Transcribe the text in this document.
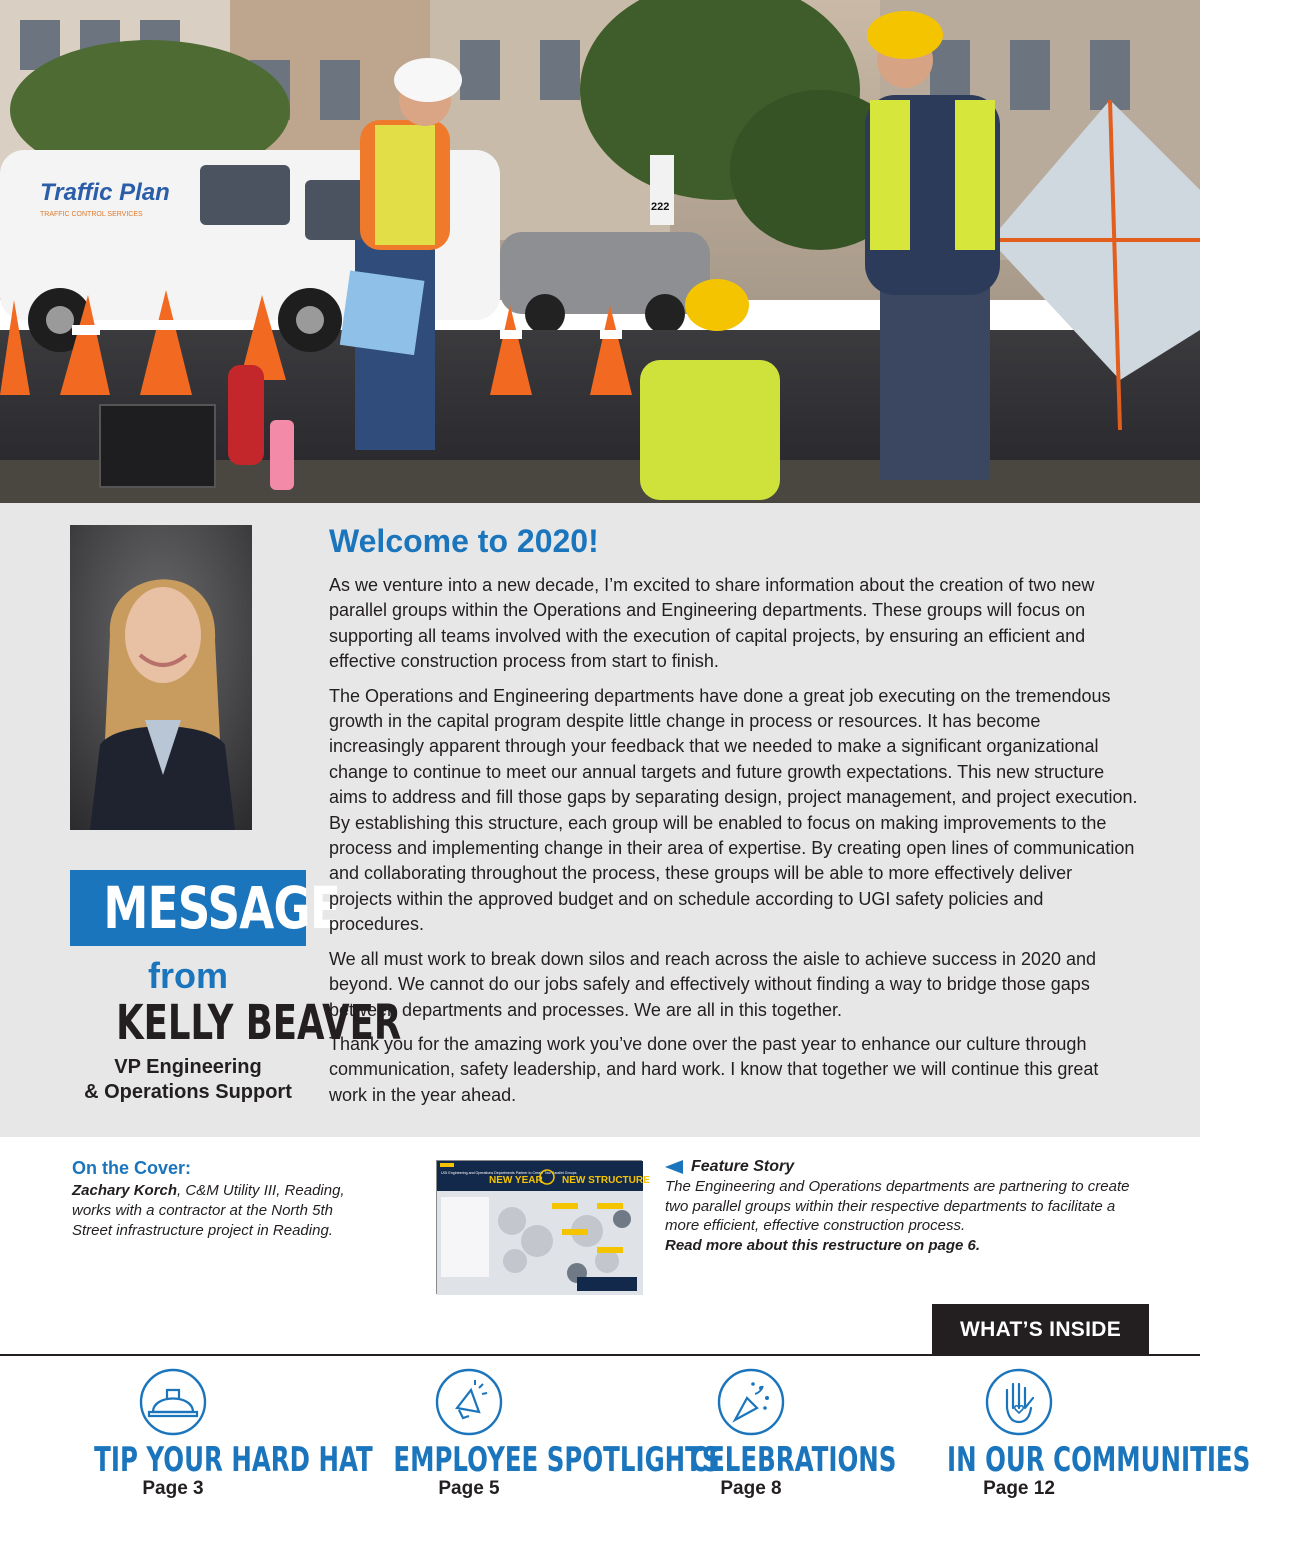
Traffic Plan
TRAFFIC CONTROL SERVICES
222
MESSAGE
from
KELLY BEAVER
VP Engineering
& Operations Support
Welcome to 2020!

As we venture into a new decade, I’m excited to share information about the creation of two new parallel groups within the Operations and Engineering departments. These groups will focus on supporting all teams involved with the execution of capital projects, by ensuring an efficient and effective construction process from start to finish.

The Operations and Engineering departments have done a great job executing on the tremendous growth in the capital program despite little change in process or resources. It has become increasingly apparent through your feedback that we needed to make a significant organizational change to continue to meet our annual targets and future growth expectations. This new structure aims to address and fill those gaps by separating design, project management, and project execution. By establishing this structure, each group will be enabled to focus on making improvements to the process and implementing change in their area of expertise. By creating open lines of communication and collaborating throughout the process, these groups will be able to more effectively deliver projects within the approved budget and on schedule according to UGI safety policies and procedures.

We all must work to break down silos and reach across the aisle to achieve success in 2020 and beyond. We cannot do our jobs safely and effectively without finding a way to bridge those gaps between departments and processes. We are all in this together.

Thank you for the amazing work you’ve done over the past year to enhance our culture through communication, safety leadership, and hard work. I know that together we will continue this great work in the year ahead.

On the Cover:

Zachary Korch, C&M Utility III, Reading, works with a contractor at the North 5th Street infrastructure project in Reading.

UGI Engineering and Operations Departments Partner to Create Two Parallel Groups
NEW YEAR NEW STRUCTURE
Feature Story

The Engineering and Operations departments are partnering to create two parallel groups within their respective departments to facilitate a more efficient, effective construction process.

Read more about this restructure on page 6.

WHAT’S INSIDE
TIP YOUR HARD HAT
Page 3
EMPLOYEE SPOTLIGHTS
Page 5
CELEBRATIONS
Page 8
IN OUR COMMUNITIES
Page 12
